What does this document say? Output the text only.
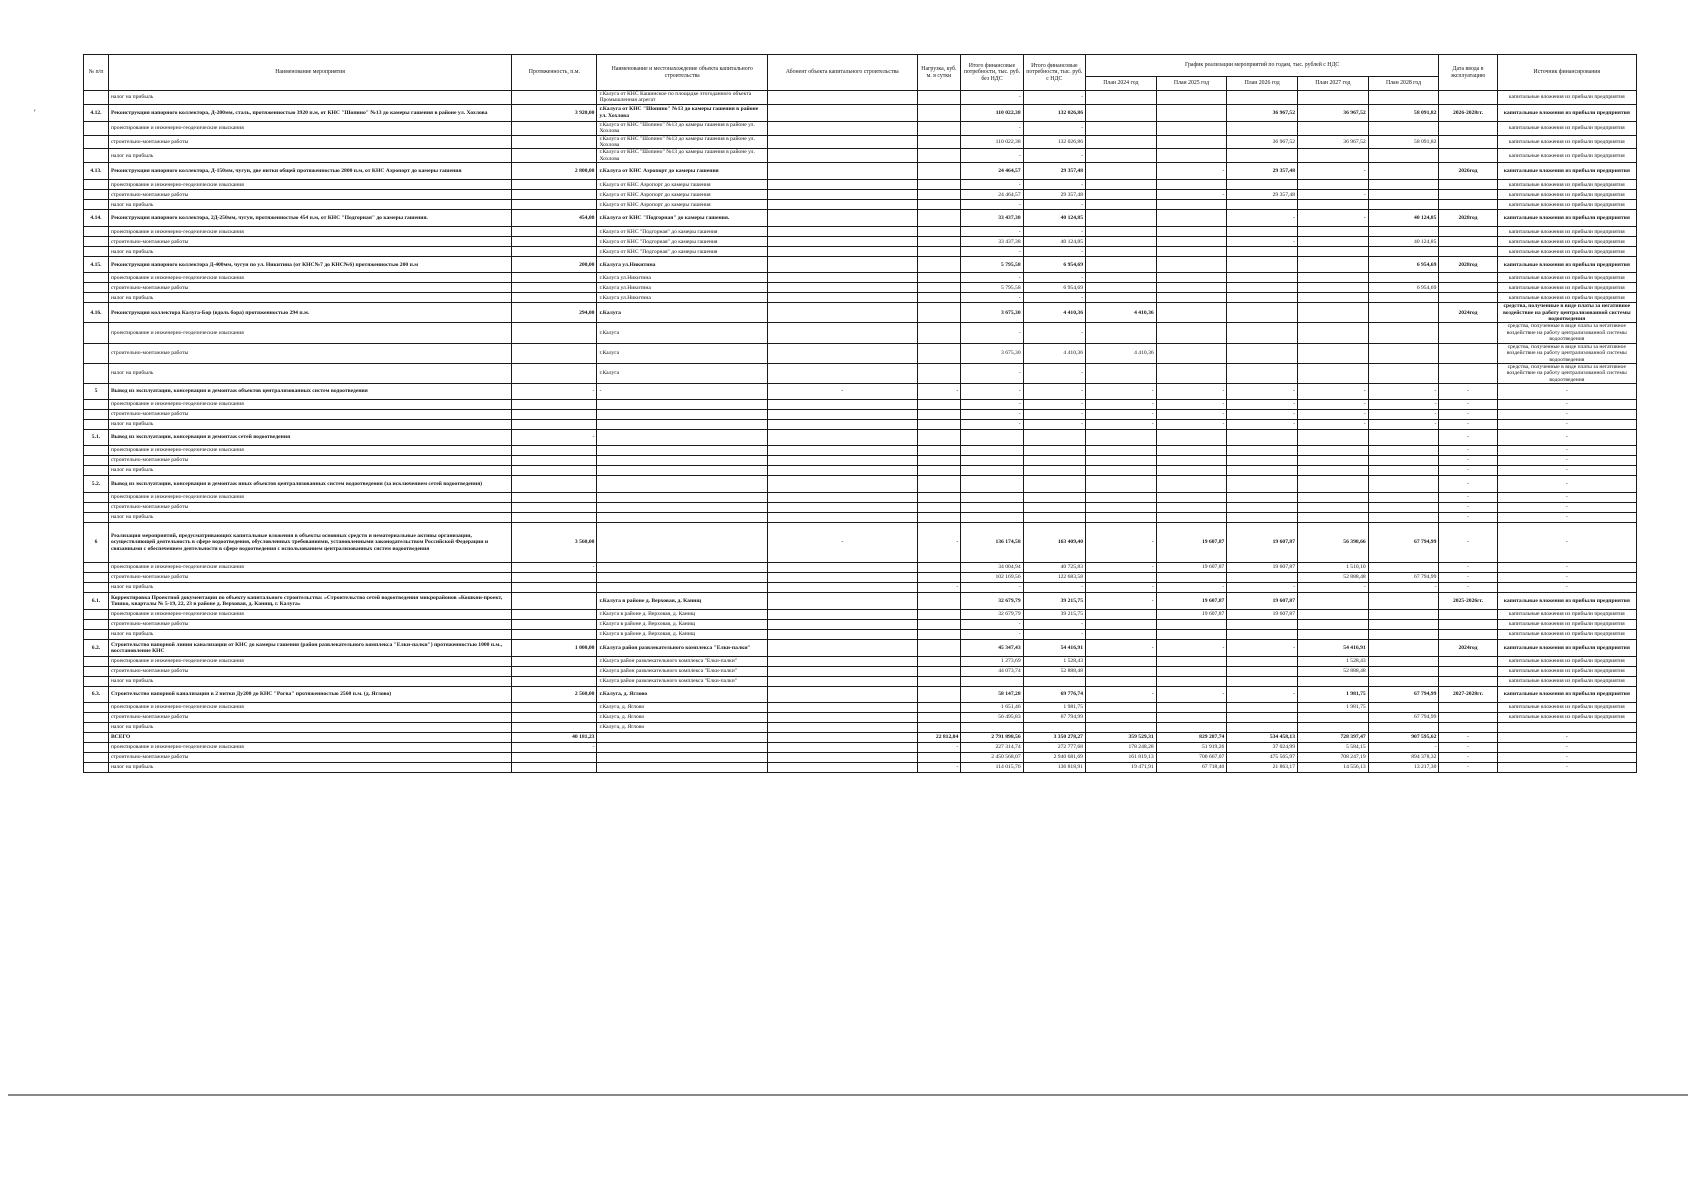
'
№ п/п	Наименование мероприятия	Протяженность, п.м.	Наименование и местонахождение объекта капитального строительства	Абонент объекта капитального строительства	Нагрузка, куб. м. в сутки	Итого финансовые потребности, тыс. руб. без НДС	Итого финансовые потребности, тыс. руб. с НДС	График реализации мероприятий по годам, тыс. рублей с НДС					Дата ввода в эксплуатацию	Источник финансирования
								План 2024 год	План 2025 год	План 2026 год	План 2027 год	План 2028 год		
	налог на прибыль		г.Калуга от КНС Кашинское по площадке этогоданного объекта Промышленная агрегат			-	-							капитальные вложения из прибыли предприятия
4.12.	Реконструкция напорного коллектора, Д-200мм, сталь, протяженностью 3920 п.м, от КНС "Шопино" №13 до камеры гашения в районе ул. Хохлова	3 920,00	г.Калуга от КНС "Шопино" №13 до камеры гашения в районе ул. Хохлова			110 022,38	132 026,86			36 967,52	36 967,52	58 091,82	2026-2028гг.	капитальные вложения из прибыли предприятия
	проектирование и инженерно-геодезические изыскания		г.Калуга от КНС "Шопино" №13 до камеры гашения в районе ул. Хохлова			-	-							капитальные вложения из прибыли предприятия
	строительно-монтажные работы		г.Калуга от КНС "Шопино" №13 до камеры гашения в районе ул. Хохлова			110 022,38	132 026,86			36 967,52	36 967,52	58 091,82		капитальные вложения из прибыли предприятия
	налог на прибыль		г.Калуга от КНС "Шопино" №13 до камеры гашения в районе ул. Хохлова			-	-							капитальные вложения из прибыли предприятия
4.13.	Реконструкция напорного коллектора, Д-150мм, чугун, две нитки общей протяженностью 2800 п.м, от КНС Аэропорт до камеры гашения	2 800,00	г.Калуга от КНС Аэропорт до камеры гашения			24 464,57	29 357,48		-	29 357,48	-		2026год	капитальные вложения из прибыли предприятия
	проектирование и инженерно-геодезические изыскания		г.Калуга от КНС Аэропорт до камеры гашения			-	-							капитальные вложения из прибыли предприятия
	строительно-монтажные работы		г.Калуга от КНС Аэропорт до камеры гашения			24 464,57	29 357,48		-	29 357,48	-			капитальные вложения из прибыли предприятия
	налог на прибыль		г.Калуга от КНС Аэропорт до камеры гашения			-	-							капитальные вложения из прибыли предприятия
4.14.	Реконструкция напорного коллектора, 2Д-250мм, чугун, протяженностью 454 п.м, от КНС "Подгорная" до камеры гашения.	454,00	г.Калуга от КНС "Подгорная" до камеры гашения.			33 437,38	40 124,85			-	-	40 124,85	2028год	капитальные вложения из прибыли предприятия
	проектирование и инженерно-геодезические изыскания		г.Калуга от КНС "Подгорная" до камеры гашения			-	-							капитальные вложения из прибыли предприятия
	строительно-монтажные работы		г.Калуга от КНС "Подгорная" до камеры гашения			33 437,38	40 124,85			-		40 124,85		капитальные вложения из прибыли предприятия
	налог на прибыль		г.Калуга от КНС "Подгорная" до камеры гашения			-	-							капитальные вложения из прибыли предприятия
4.15.	Реконструкция напорного коллектора Д-400мм, чугун по ул. Никитина (от КНС№7 до КНС№6) протяженностью 200 п.м	200,00	г.Калуга ул.Никитина			5 795,58	6 954,69					6 954,69	2028год	капитальные вложения из прибыли предприятия
	проектирование и инженерно-геодезические изыскания		г.Калуга ул.Никитина			-	-							капитальные вложения из прибыли предприятия
	строительно-монтажные работы		г.Калуга ул.Никитина			5 795,58	6 954,69					6 954,69		капитальные вложения из прибыли предприятия
	налог на прибыль		г.Калуга ул.Никитина			-	-							капитальные вложения из прибыли предприятия
4.16.	Реконструкция коллектора Калуга-Бор (вдоль бора) протяженностью 294 п.м.	294,00	г.Калуга			3 675,30	4 410,36	4 410,36					2024год	средства, полученные в виде платы за негативное воздействие на работу централизованной системы водоотведения
	проектирование и инженерно-геодезические изыскания		г.Калуга			-	-							средства, полученные в виде платы за негативное воздействие на работу централизованной системы водоотведения
	строительно-монтажные работы		г.Калуга			3 675,30	4 410,36	4 410,36						средства, полученные в виде платы за негативное воздействие на работу централизованной системы водоотведения
	налог на прибыль		г.Калуга			-	-							средства, полученные в виде платы за негативное воздействие на работу централизованной системы водоотведения
5	Вывод из эксплуатации, консервация и демонтаж объектов централизованных систем водоотведения	-	-	-	-	-	-	-	-	-	-	-	-	-
	проектирование и инженерно-геодезические изыскания					-	-	-	-	-	-	-	-	-
	строительно-монтажные работы					-	-	-	-	-	-	-	-	-
	налог на прибыль					-	-	-	-	-	-	-	-	-
5.1.	Вывод из эксплуатации, консервация и демонтаж сетей водоотведения	-											-	-
	проектирование и инженерно-геодезические изыскания												-	-
	строительно-монтажные работы												-	-
	налог на прибыль												-	-
5.2.	Вывод из эксплуатации, консервация и демонтаж иных объектов централизованных систем водоотведения (за исключением сетей водоотведения)												-	-
	проектирование и инженерно-геодезические изыскания												-	-
	строительно-монтажные работы												-	-
	налог на прибыль												-	-
6	Реализация мероприятий, предусматривающих капитальные вложения в объекты основных средств и нематериальные активы организации, осуществляющей деятельность в сфере водоотведения, обусловленных требованиями, установленными законодательством Российской Федерации и связанными с обеспечением деятельности в сфере водоотведения с использованием централизованных систем водоотведения	3 560,00		-	-	136 174,58	163 409,40	-	19 607,87	19 607,87	56 398,66	67 794,99	-	-
	проектирование и инженерно-геодезические изыскания	-				34 004,94	40 725,83	-	19 607,87	19 607,87	1 510,10		-	-
	строительно-монтажные работы					102 169,56	122 683,58				52 888,48	67 794,99	-	-
	налог на прибыль				-	-	-	-	-	-	-	-	-	-
6.1.	Корректировка Проектной документации по объекту капитального строительства: «Строительство сетей водоотведения микрорайонов «Кошкин-проект, Тишко, кварталы № 5-19, 22, 23 в районе д. Верховая, д. Канищ, г. Калуга»		г.Калуга в районе д. Верховая, д. Канищ			32 679,79	39 215,75	-	19 607,87	19 607,87			2025-2026гг.	капитальные вложения из прибыли предприятия
	проектирование и инженерно-геодезические изыскания		г.Калуга в районе д. Верховая, д. Канищ			32 679,79	39 215,75		19 607,87	19 607,87				капитальные вложения из прибыли предприятия
	строительно-монтажные работы		г.Калуга в районе д. Верховая, д. Канищ			-	-							капитальные вложения из прибыли предприятия
	налог на прибыль		г.Калуга в районе д. Верховая, д. Канищ			-	-							капитальные вложения из прибыли предприятия
6.2.	Строительство напорной линии канализации от КНС до камеры гашения (район развлекательного комплекса "Елки-палки") протяженностью 1000 п.м., восстановление КНС	1 000,00	г.Калуга район развлекательного комплекса "Елки-палки"			45 347,43	54 416,91	-	-	-	54 416,91		2024год	капитальные вложения из прибыли предприятия
	проектирование и инженерно-геодезические изыскания		г.Калуга район развлекательного комплекса "Елки-палки"			1 273,69	1 528,43				1 528,43			капитальные вложения из прибыли предприятия
	строительно-монтажные работы		г.Калуга район развлекательного комплекса "Елки-палки"			44 073,74	52 888,48				52 888,48			капитальные вложения из прибыли предприятия
	налог на прибыль		г.Калуга район развлекательного комплекса "Елки-палки"											капитальные вложения из прибыли предприятия
6.3.	Строительство напорной канализации в 2 нитки Ду200 до КНС "Рогва" протяженностью 2560 п.м. (д. Яглово)	2 560,00	г.Калуга, д. Яглово			58 147,28	69 776,74	-	-	-	1 981,75	67 794,99	2027-2028гг.	капитальные вложения из прибыли предприятия
	проектирование и инженерно-геодезические изыскания		г.Калуга, д. Яглово			1 651,46	1 981,75				1 981,75			капитальные вложения из прибыли предприятия
	строительно-монтажные работы		г.Калуга, д. Яглово			56 495,83	67 794,99					67 794,99		капитальные вложения из прибыли предприятия
	налог на прибыль		г.Калуга, д. Яглово											
	ВСЕГО	40 181,23			22 812,84	2 791 898,56	3 350 278,27	359 529,31	829 287,74	534 458,13	728 397,47	907 595,62	-	-
	проектирование и инженерно-геодезические изыскания	-			-	227 314,74	272 777,68	178 248,28	51 919,26	37 024,99	5 584,15	-	-	-
	строительно-монтажные работы					2 450 568,07	2 940 681,69	161 819,13	700 667,07	475 565,97	708 247,19	894 378,32	-	-
	налог на прибыль				-	114 015,76	136 818,91	19 471,91	67 718,40	21 863,17	14 556,13	13 217,30	-	-
